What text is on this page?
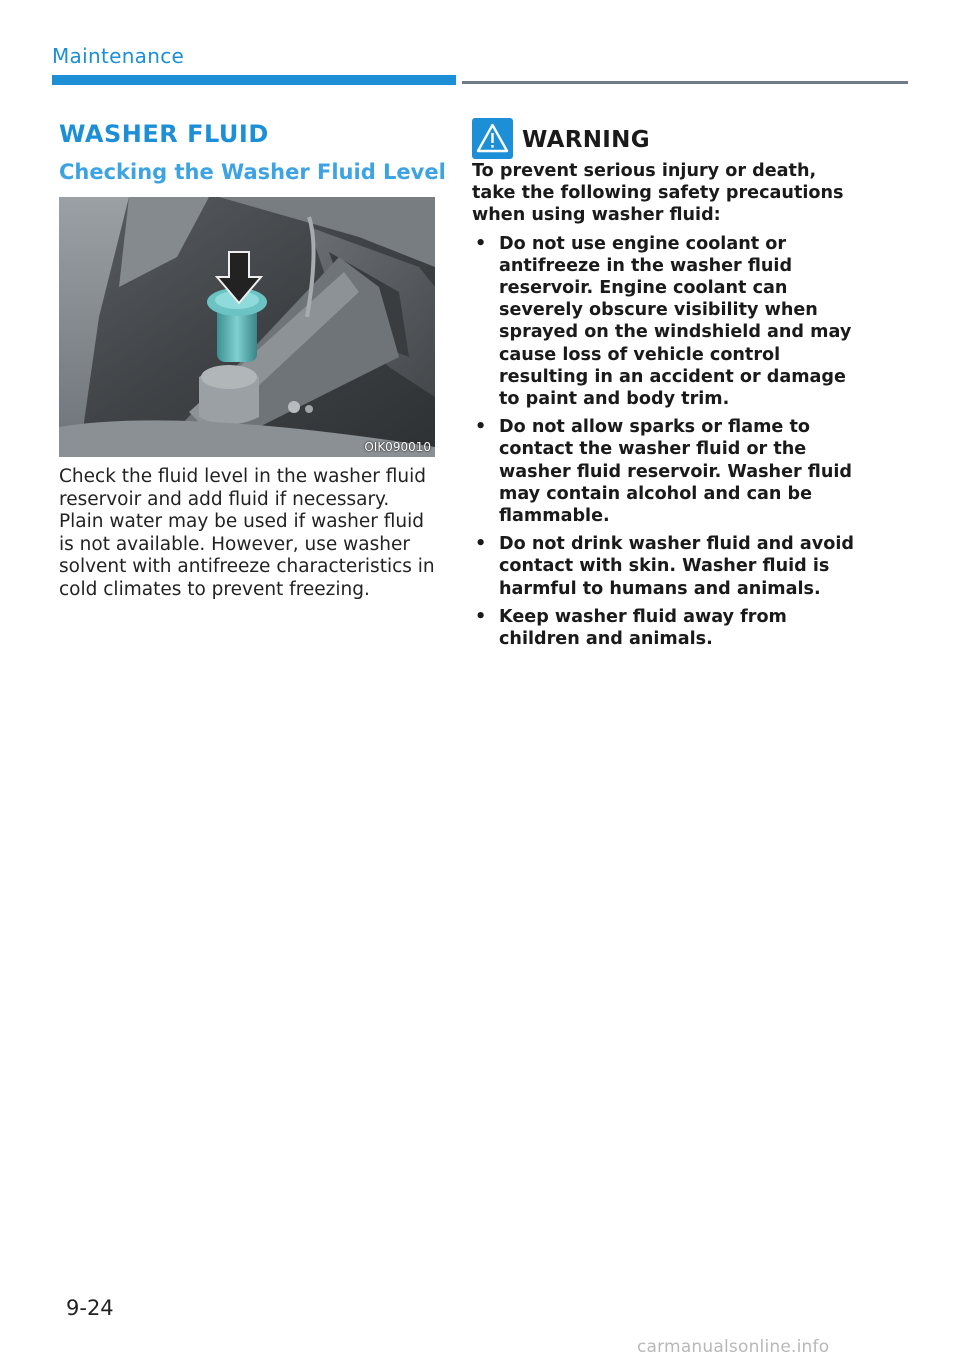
Maintenance
WASHER FLUID
Checking the Washer Fluid Level
OIK090010
Check the fluid level in the washer fluid reservoir and add fluid if necessary. Plain water may be used if washer fluid is not available. However, use washer solvent with antifreeze characteristics in cold climates to prevent freezing.
WARNING

To prevent serious injury or death, take the following safety precautions when using washer fluid:

• Do not use engine coolant or antifreeze in the washer fluid reservoir. Engine coolant can severely obscure visibility when sprayed on the windshield and may cause loss of vehicle control resulting in an accident or damage to paint and body trim.
• Do not allow sparks or flame to contact the washer fluid or the washer fluid reservoir. Washer fluid may contain alcohol and can be flammable.
• Do not drink washer fluid and avoid contact with skin. Washer fluid is harmful to humans and animals.
• Keep washer fluid away from children and animals.
9-24
carmanualsonline.info
